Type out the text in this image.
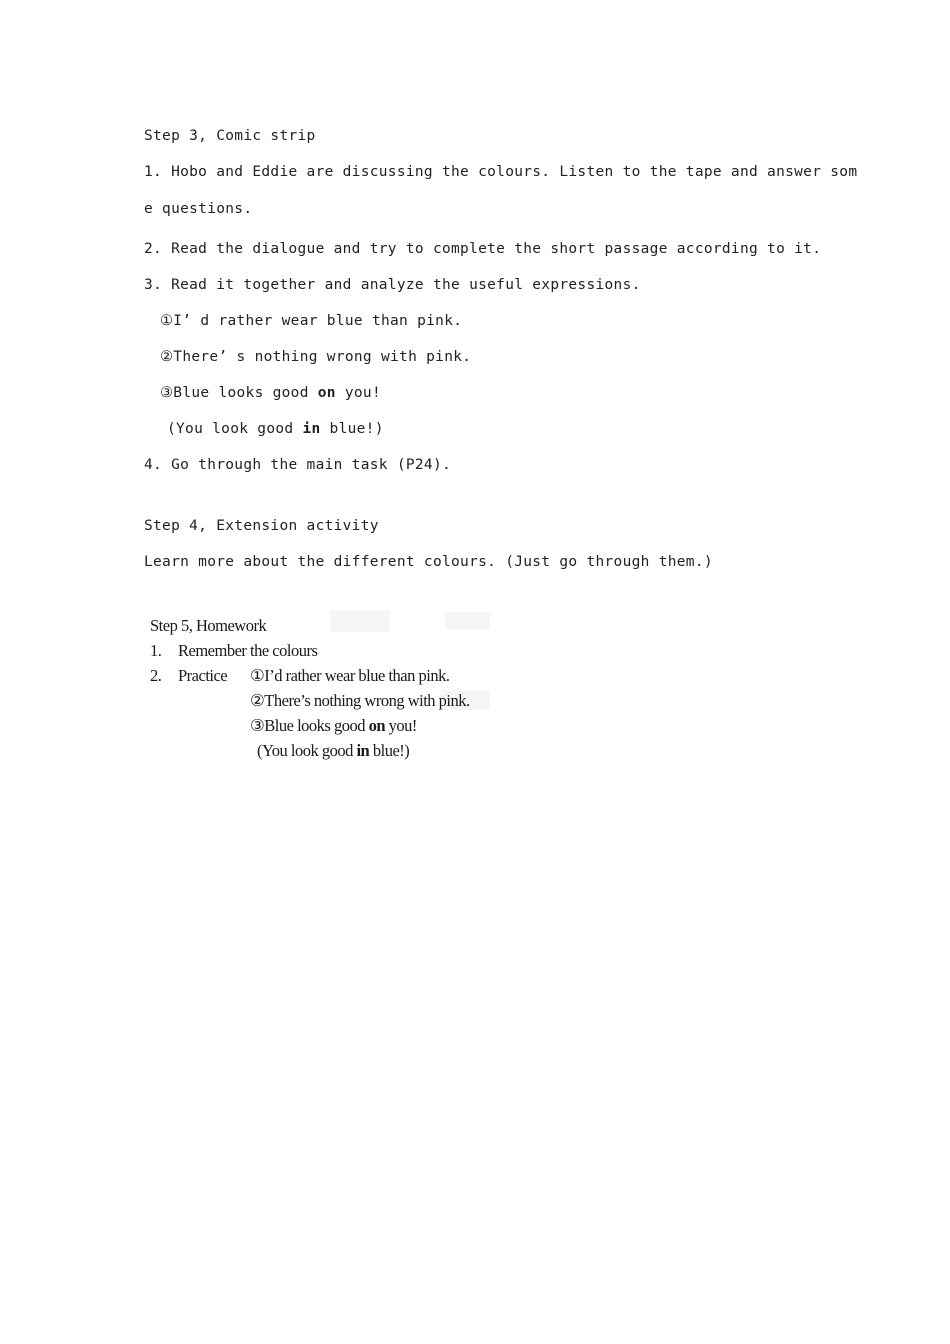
Step 3, Comic strip
1. Hobo and Eddie are discussing the colours. Listen to the tape and answer som
e questions.
2. Read the dialogue and try to complete the short passage according to it.
3. Read it together and analyze the useful expressions.
①I’ d rather wear blue than pink.
②There’ s nothing wrong with pink.
③Blue looks good on you!
(You look good in blue!)
4. Go through the main task (P24).
Step 4, Extension activity
Learn more about the different colours. (Just go through them.)
Step 5, Homework
1. Remember the colours
2. Practice ①I’d rather wear blue than pink.
②There’s nothing wrong with pink.
③Blue looks good on you!
(You look good in blue!)
